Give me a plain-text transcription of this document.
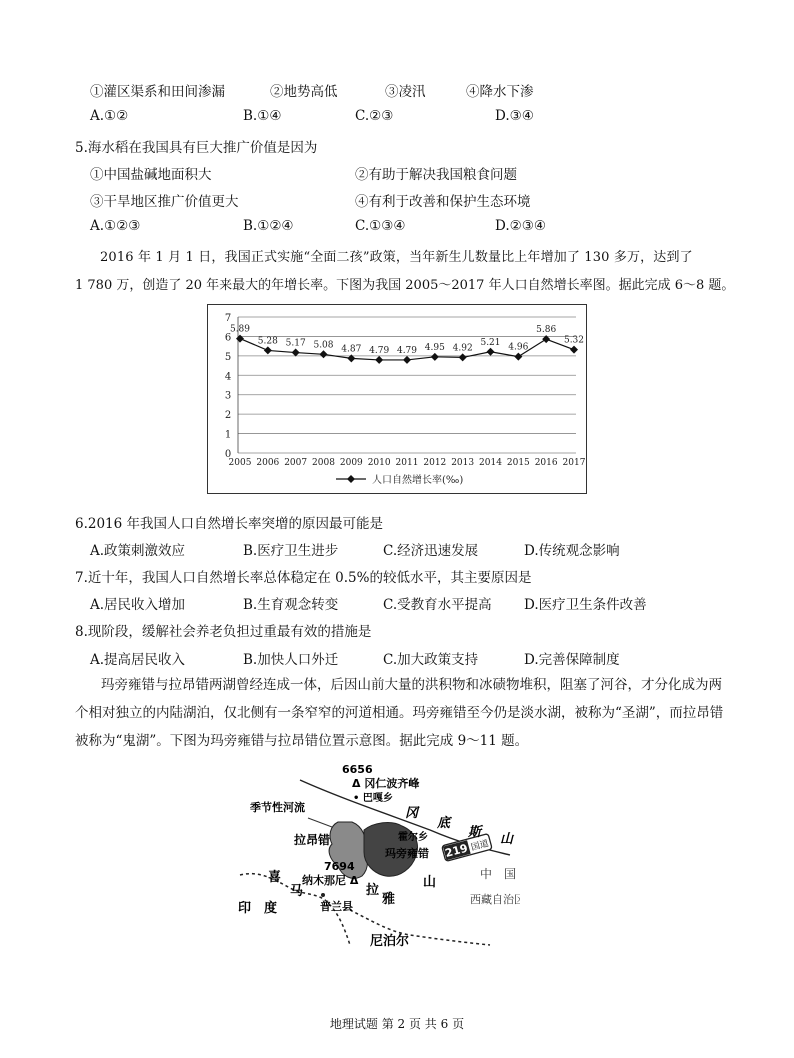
①灌区渠系和田间渗漏	②地势高低	③凌汛	④降水下渗
A.①②	B.①④	C.②③	D.③④
5.海水稻在我国具有巨大推广价值是因为
①中国盐碱地面积大	②有助于解决我国粮食问题
③干旱地区推广价值更大	④有利于改善和保护生态环境
A.①②③	B.①②④	C.①③④	D.②③④
2016 年 1 月 1 日，我国正式实施“全面二孩”政策，当年新生儿数量比上年增加了 130 多万，达到了
1 780 万，创造了 20 年来最大的年增长率。下图为我国 2005～2017 年人口自然增长率图。据此完成 6～8 题。
0
1
2
3
4
5
6
7
2005 2006 2007 2008 2009 2010 2011 2012 2013 2014 2015 2016 2017
5.89
5.28 5.17 5.08 4.87 4.79 4.79 4.95 4.92
5.21 4.96
5.86
5.32
人口自然增长率(‰)
6.2016 年我国人口自然增长率突增的原因最可能是
A.政策刺激效应	B.医疗卫生进步	C.经济迅速发展	D.传统观念影响
7.近十年，我国人口自然增长率总体稳定在 0.5%的较低水平，其主要原因是
A.居民收入增加	B.生育观念转变	C.受教育水平提高 D.医疗卫生条件改善
8.现阶段，缓解社会养老负担过重最有效的措施是
A.提高居民收入	B.加快人口外迁	C.加大政策支持	D.完善保障制度
玛旁雍错与拉昂错两湖曾经连成一体，后因山前大量的洪积物和冰碛物堆积，阻塞了河谷，才分化成为两个相对独立的内陆湖泊，仅北侧有一条窄窄的河道相通。玛旁雍错至今仍是淡水湖，被称为“圣湖”，而拉昂错被称为“鬼湖”。下图为玛旁雍错与拉昂错位置示意图。据此完成 9～11 题。
219 国道
6656
Δ 冈仁波齐峰
• 巴嘎乡
季节性河流	冈
底
斯 山
霍尔乡
拉昂错
玛旁雍错
7694
纳木那尼 Δ
喜
马	拉
雅
山
普兰县
中　国
西藏自治区
印　度
尼泊尔
地理试题 第 2 页 共 6 页
